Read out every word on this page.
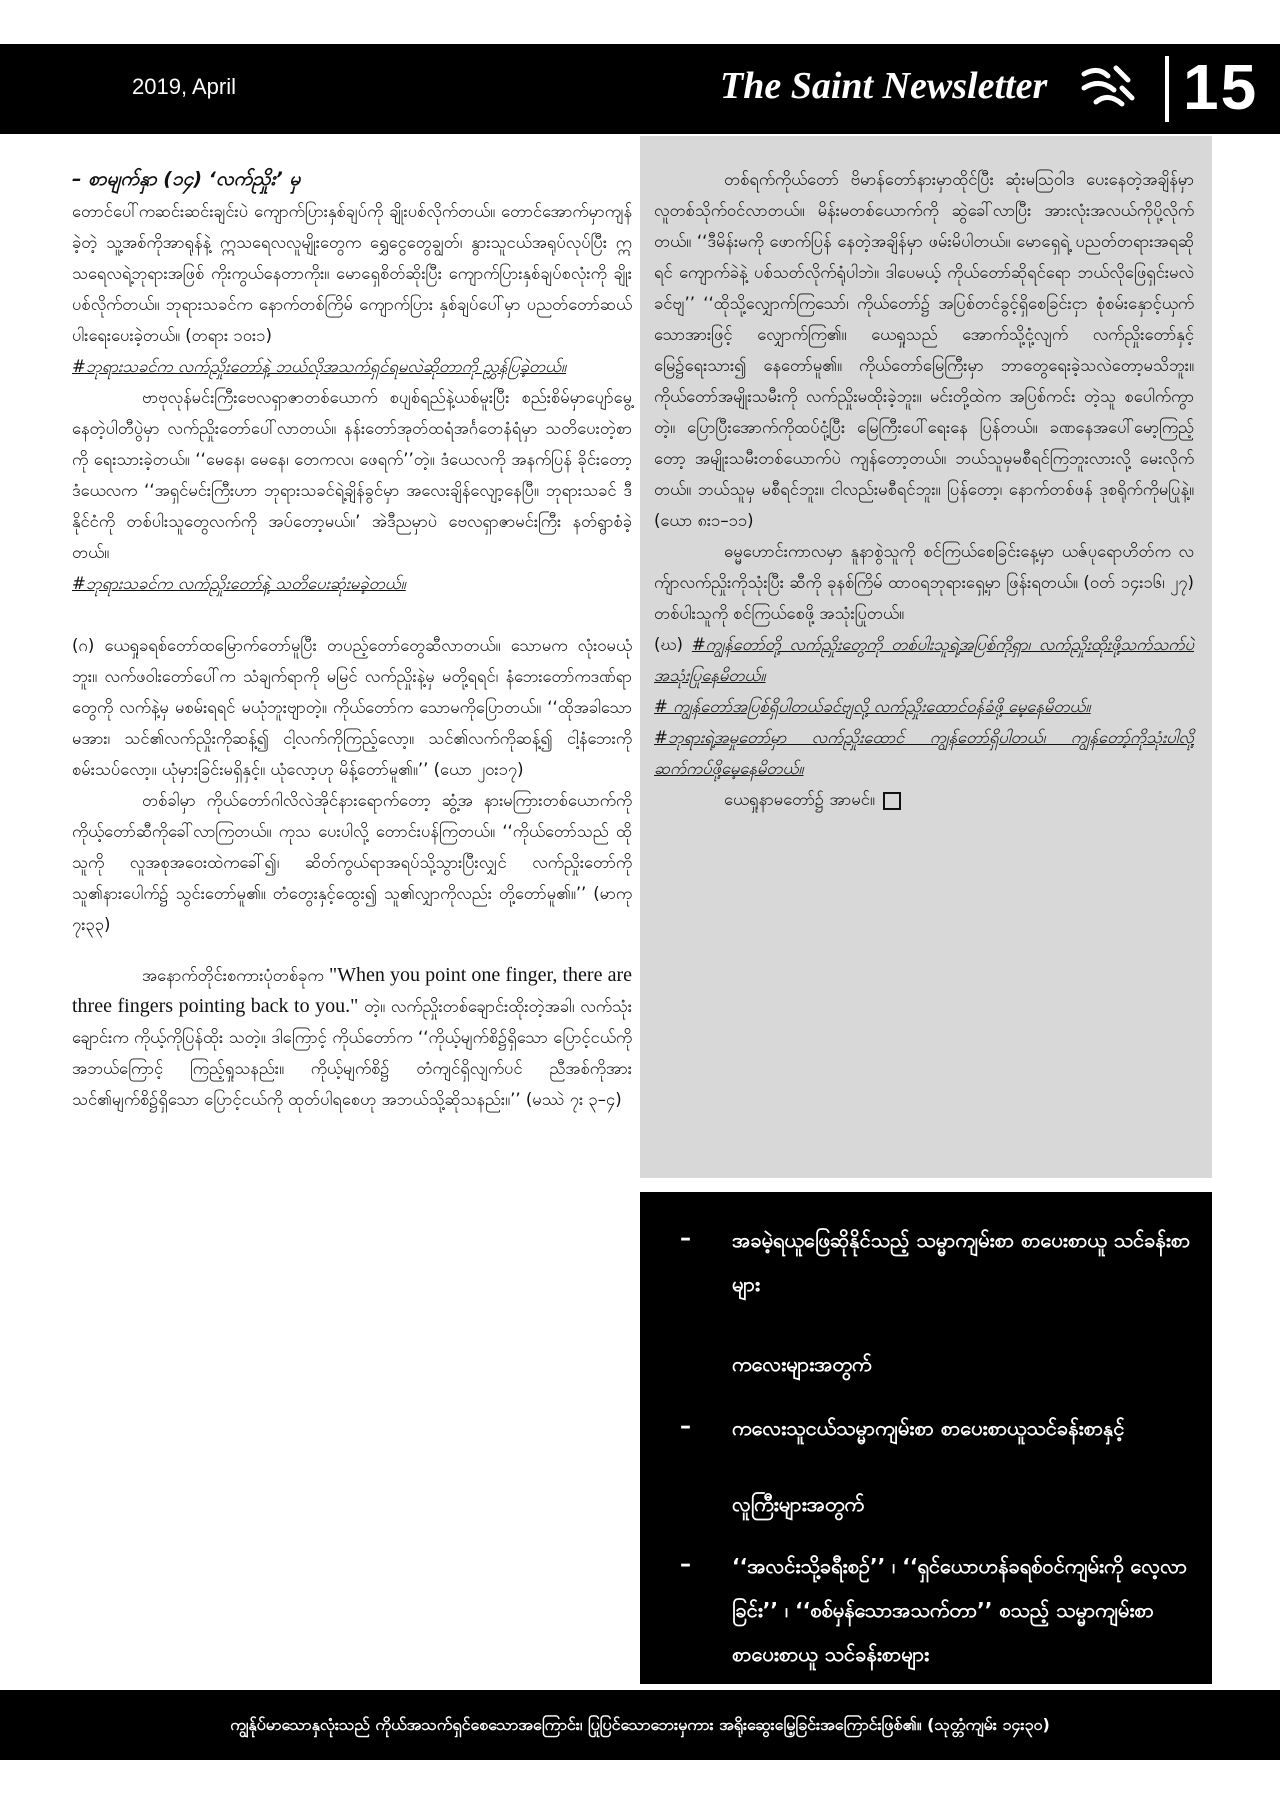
2019, April	The Saint Newsletter 15

– စာမျက်နှာ (၁၄) ‘လက်ညှိုး’ မှ

တောင်ပေါ်ကဆင်းဆင်းချင်းပဲ ကျောက်ပြားနှစ်ချပ်ကို ချိုးပစ်လိုက်တယ်။ တောင်အောက်မှာကျန်ခဲ့တဲ့ သူ့အစ်ကိုအာရုန်နဲ့ ဣသရေလလူမျိုးတွေက ရွှေငွေတွေချွတ်၊ နွားသူငယ်အရုပ်လုပ်ပြီး ဣသရေလရဲ့ဘုရားအဖြစ် ကိုးကွယ်နေတာကိုး။ မောရှေစိတ်ဆိုးပြီး ကျောက်ပြားနှစ်ချပ်စလုံးကို ချိုးပစ်လိုက်တယ်။ ဘုရားသခင်က နောက်တစ်ကြိမ် ကျောက်ပြား နှစ်ချပ်ပေါ်မှာ ပညတ်တော်ဆယ်ပါးရေးပေးခဲ့တယ်။ (တရား ၁၀း၁)

#ဘုရားသခင်က လက်ညှိုးတော်နဲ့ ဘယ်လိုအသက်ရှင်ရမလဲဆိုတာကို ညွှန်ပြခဲ့တယ်။

ဗာဗုလုန်မင်းကြီးဗေလရှာဇာတစ်ယောက် စပျစ်ရည်နဲ့ယစ်မူးပြီး စည်းစိမ်မှာပျော်မွေ့နေတဲ့ပါတီပွဲမှာ လက်ညှိုးတော်ပေါ်လာတယ်။ နန်းတော်အုတ်ထရံအင်္ဂတေနံရံမှာ သတိပေးတဲ့စာကို ရေးသားခဲ့တယ်။ ‘‘မေနေ၊ မေနေ၊ တေကလ၊ ဖေရက်’’တဲ့။ ဒံယေလကို အနက်ပြန် ခိုင်းတော့ ဒံယေလက ‘‘အရှင်မင်းကြီးဟာ ဘုရားသခင်ရဲ့ချိန်ခွင်မှာ အလေးချိန်လျော့နေပြီ။ ဘုရားသခင် ဒီနိုင်ငံကို တစ်ပါးသူတွေလက်ကို အပ်တော့မယ်။’ အဲဒီညမှာပဲ ဗေလရှာဇာမင်းကြီး နတ်ရွာစံခဲ့တယ်။

#ဘုရားသခင်က လက်ညှိုးတော်နဲ့ သတိပေးဆုံးမခဲ့တယ်။

(ဂ) ယေရှုခရစ်တော်ထမြောက်တော်မူပြီး တပည့်တော်တွေဆီလာတယ်။ သောမက လုံးဝမယုံဘူး။ လက်ဖဝါးတော်ပေါ်က သံချက်ရာကို မမြင် လက်ညှိုးနဲ့မှ မတို့ရရင်၊ နံဘေးတော်ကဒဏ်ရာတွေကို လက်နဲ့မှ မစမ်းရရင် မယုံဘူးဗျာတဲ့။ ကိုယ်တော်က သောမကိုပြောတယ်။ ‘‘ထိုအခါသောမအား၊ သင်၏လက်ညှိုးကိုဆန့်၍ ငါ့လက်ကိုကြည့်လော့။ သင်၏လက်ကိုဆန့်၍ ငါ့နံဘေးကိုစမ်းသပ်လော့။ ယုံမှားခြင်းမရှိနှင့်။ ယုံလော့ဟု မိန့်တော်မူ၏။’’ (ယော ၂၀း၁၇)

တစ်ခါမှာ ကိုယ်တော်ဂါလိလဲအိုင်နားရောက်တော့ ဆွံ့အ နားမကြားတစ်ယောက်ကို ကိုယ့်တော်ဆီကိုခေါ်လာကြတယ်။ ကုသ ပေးပါလို့ တောင်းပန်ကြတယ်။ ‘‘ကိုယ်တော်သည် ထိုသူကို လူအစုအဝေးထဲကခေါ်၍၊ ဆိတ်ကွယ်ရာအရပ်သို့သွားပြီးလျှင် လက်ညှိုးတော်ကို သူ၏နားပေါက်၌ သွင်းတော်မူ၏။ တံတွေးနှင့်ထွေး၍ သူ၏လျှာကိုလည်း တို့တော်မူ၏။’’ (မာကု ၇း၃၃)

အနောက်တိုင်းစကားပုံတစ်ခုက "When you point one finger, there are three fingers pointing back to you." တဲ့။ လက်ညှိုးတစ်ချောင်းထိုးတဲ့အခါ၊ လက်သုံးချောင်းက ကိုယ့်ကိုပြန်ထိုး သတဲ့။ ဒါကြောင့် ကိုယ်တော်က ‘‘ကိုယ့်မျက်စိ၌ရှိသော ပြောင့်ငယ်ကို အဘယ်ကြောင့် ကြည့်ရှုသနည်း။ ကိုယ့်မျက်စိ၌ တံကျင်ရှိလျက်ပင် ညီအစ်ကိုအား သင်၏မျက်စိ၌ရှိသော ပြောင့်ငယ်ကို ထုတ်ပါရစေဟု အဘယ်သို့ဆိုသနည်း။’’ (မဿဲ ၇း ၃–၄)

တစ်ရက်ကိုယ်တော် ဗိမာန်တော်နားမှာထိုင်ပြီး ဆုံးမသြဝါဒ ပေးနေတဲ့အချိန်မှာ လူတစ်သိုက်ဝင်လာတယ်။ မိန်းမတစ်ယောက်ကို ဆွဲခေါ်လာပြီး အားလုံးအလယ်ကိုပို့လိုက်တယ်။ ‘‘ဒီမိန်းမကို ဖောက်ပြန် နေတဲ့အချိန်မှာ ဖမ်းမိပါတယ်။ မောရှေရဲ့ ပညတ်တရားအရဆိုရင် ကျောက်ခဲနဲ့ ပစ်သတ်လိုက်ရုံပါဘဲ။ ဒါပေမယ့် ကိုယ်တော်ဆိုရင်ရော ဘယ်လိုဖြေရှင်းမလဲခင်ဗျ’’ ‘‘ထိုသို့လျှောက်ကြသော်၊ ကိုယ်တော်၌ အပြစ်တင်ခွင့်ရှိစေခြင်းငှာ စုံစမ်းနှောင့်ယှက်သောအားဖြင့် လျှောက်ကြ၏။ ယေရှုသည် အောက်သို့ငုံ့လျက် လက်ညှိုးတော်နှင့် မြေ၌ရေးသား၍ နေတော်မူ၏။ ကိုယ်တော်မြေကြီးမှာ ဘာတွေရေးခဲ့သလဲတော့မသိဘူး။ ကိုယ်တော်အမျိုးသမီးကို လက်ညှိုးမထိုးခဲ့ဘူး။ မင်းတို့ထဲက အပြစ်ကင်း တဲ့သူ စပေါက်ကွာတဲ့။ ပြောပြီးအောက်ကိုထပ်ငုံ့ပြီး မြေကြီးပေါ်ရေးနေ ပြန်တယ်။ ခဏနေအပေါ်မော့ကြည့်တော့ အမျိုးသမီးတစ်ယောက်ပဲ ကျန်တော့တယ်။ ဘယ်သူမှမစီရင်ကြဘူးလားလို့ မေးလိုက်တယ်။ ဘယ်သူမှ မစီရင်ဘူး။ ငါလည်းမစီရင်ဘူး။ ပြန်တော့၊ နောက်တစ်ဖန် ဒုစရိုက်ကိုမပြုနဲ့။ (ယော ၈း၁–၁၁)

ဓမ္မဟောင်းကာလမှာ နူနာစွဲသူကို စင်ကြယ်စေခြင်းနေ့မှာ ယဇ်ပုရောဟိတ်က လက်ျာလက်ညှိုးကိုသုံးပြီး ဆီကို ခုနစ်ကြိမ် ထာဝရဘုရားရှေ့မှာ ဖြန်းရတယ်။ (ဝတ် ၁၄း၁၆၊ ၂၇) တစ်ပါးသူကို စင်ကြယ်စေဖို့ အသုံးပြုတယ်။

(ဃ) #ကျွန်တော်တို့ လက်ညှိုးတွေကို တစ်ပါးသူရဲ့အပြစ်ကိုရှာ၊ လက်ညှိုးထိုးဖို့သက်သက်ပဲ အသုံးပြုနေမိတယ်။

# ကျွန်တော်အပြစ်ရှိပါတယ်ခင်ဗျလို့ လက်ညှိုးထောင်ဝန်ခံဖို့ မေ့နေမိတယ်။

#ဘုရားရဲ့အမှုတော်မှာ လက်ညှိုးထောင် ကျွန်တော်ရှိပါတယ်၊ ကျွန်တော့်ကိုသုံးပါလို့ ဆက်ကပ်ဖို့မေ့နေမိတယ်။

ယေရှုနာမတော်၌ အာမင်။

– အခမဲ့ရယူဖြေဆိုနိုင်သည့် သမ္မာကျမ်းစာ စာပေးစာယူ သင်ခန်းစာများ
ကလေးများအတွက်
– ကလေးသူငယ်သမ္မာကျမ်းစာ စာပေးစာယူသင်ခန်းစာနှင့်
လူကြီးများအတွက်
– ‘‘အလင်းသို့ခရီးစဉ်’’ ၊ ‘‘ရှင်ယောဟန်ခရစ်ဝင်ကျမ်းကို လေ့လာခြင်း’’ ၊ ‘‘စစ်မှန်သောအသက်တာ’’ စသည့် သမ္မာကျမ်းစာ စာပေးစာယူ သင်ခန်းစာများ
ကျွန်ုပ်မာသောနှလုံးသည် ကိုယ်အသက်ရှင်စေသောအကြောင်း၊ ပြုပြင်သောဘေးမှကား အရိုးဆွေးမြေ့ခြင်းအကြောင်းဖြစ်၏။ (သုတ္တံကျမ်း ၁၄း၃၀)
